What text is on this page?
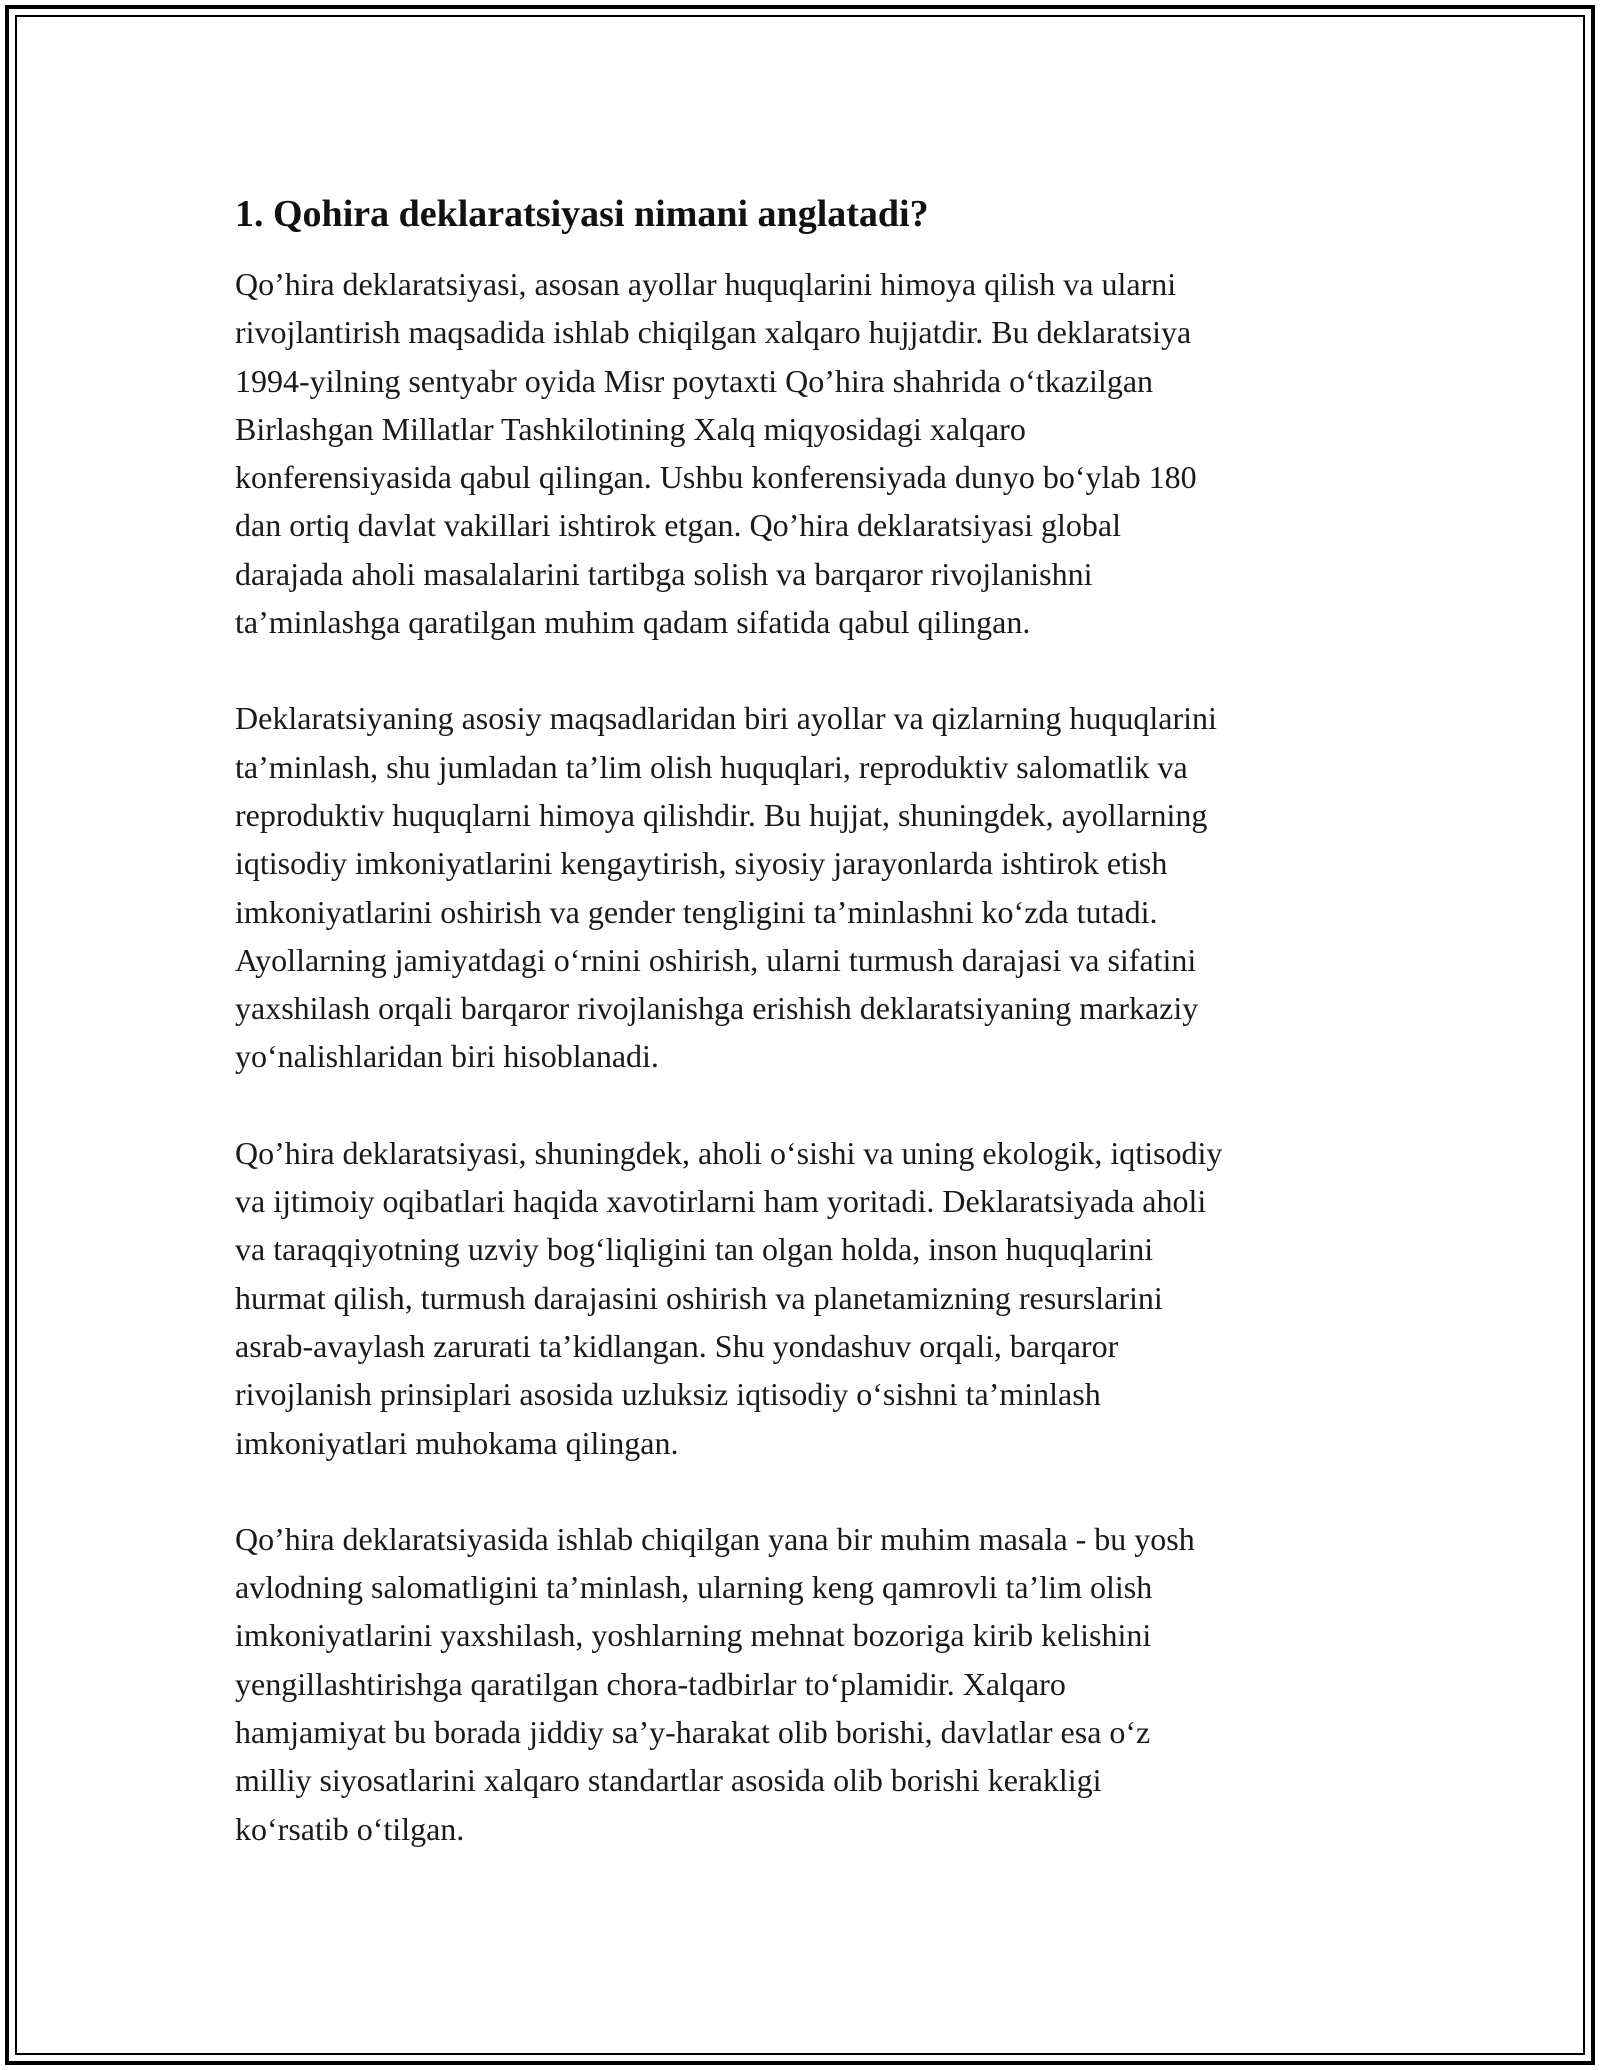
1. Qohira deklaratsiyasi nimani anglatadi?

Qo’hira deklaratsiyasi, asosan ayollar huquqlarini himoya qilish va ularni
rivojlantirish maqsadida ishlab chiqilgan xalqaro hujjatdir. Bu deklaratsiya
1994-yilning sentyabr oyida Misr poytaxti Qo’hira shahrida o‘tkazilgan
Birlashgan Millatlar Tashkilotining Xalq miqyosidagi xalqaro
konferensiyasida qabul qilingan. Ushbu konferensiyada dunyo bo‘ylab 180
dan ortiq davlat vakillari ishtirok etgan. Qo’hira deklaratsiyasi global
darajada aholi masalalarini tartibga solish va barqaror rivojlanishni
ta’minlashga qaratilgan muhim qadam sifatida qabul qilingan.

Deklaratsiyaning asosiy maqsadlaridan biri ayollar va qizlarning huquqlarini
ta’minlash, shu jumladan ta’lim olish huquqlari, reproduktiv salomatlik va
reproduktiv huquqlarni himoya qilishdir. Bu hujjat, shuningdek, ayollarning
iqtisodiy imkoniyatlarini kengaytirish, siyosiy jarayonlarda ishtirok etish
imkoniyatlarini oshirish va gender tengligini ta’minlashni ko‘zda tutadi.
Ayollarning jamiyatdagi o‘rnini oshirish, ularni turmush darajasi va sifatini
yaxshilash orqali barqaror rivojlanishga erishish deklaratsiyaning markaziy
yo‘nalishlaridan biri hisoblanadi.

Qo’hira deklaratsiyasi, shuningdek, aholi o‘sishi va uning ekologik, iqtisodiy
va ijtimoiy oqibatlari haqida xavotirlarni ham yoritadi. Deklaratsiyada aholi
va taraqqiyotning uzviy bog‘liqligini tan olgan holda, inson huquqlarini
hurmat qilish, turmush darajasini oshirish va planetamizning resurslarini
asrab-avaylash zarurati ta’kidlangan. Shu yondashuv orqali, barqaror
rivojlanish prinsiplari asosida uzluksiz iqtisodiy o‘sishni ta’minlash
imkoniyatlari muhokama qilingan.

Qo’hira deklaratsiyasida ishlab chiqilgan yana bir muhim masala - bu yosh
avlodning salomatligini ta’minlash, ularning keng qamrovli ta’lim olish
imkoniyatlarini yaxshilash, yoshlarning mehnat bozoriga kirib kelishini
yengillashtirishga qaratilgan chora-tadbirlar to‘plamidir. Xalqaro
hamjamiyat bu borada jiddiy sa’y-harakat olib borishi, davlatlar esa o‘z
milliy siyosatlarini xalqaro standartlar asosida olib borishi kerakligi
ko‘rsatib o‘tilgan.
